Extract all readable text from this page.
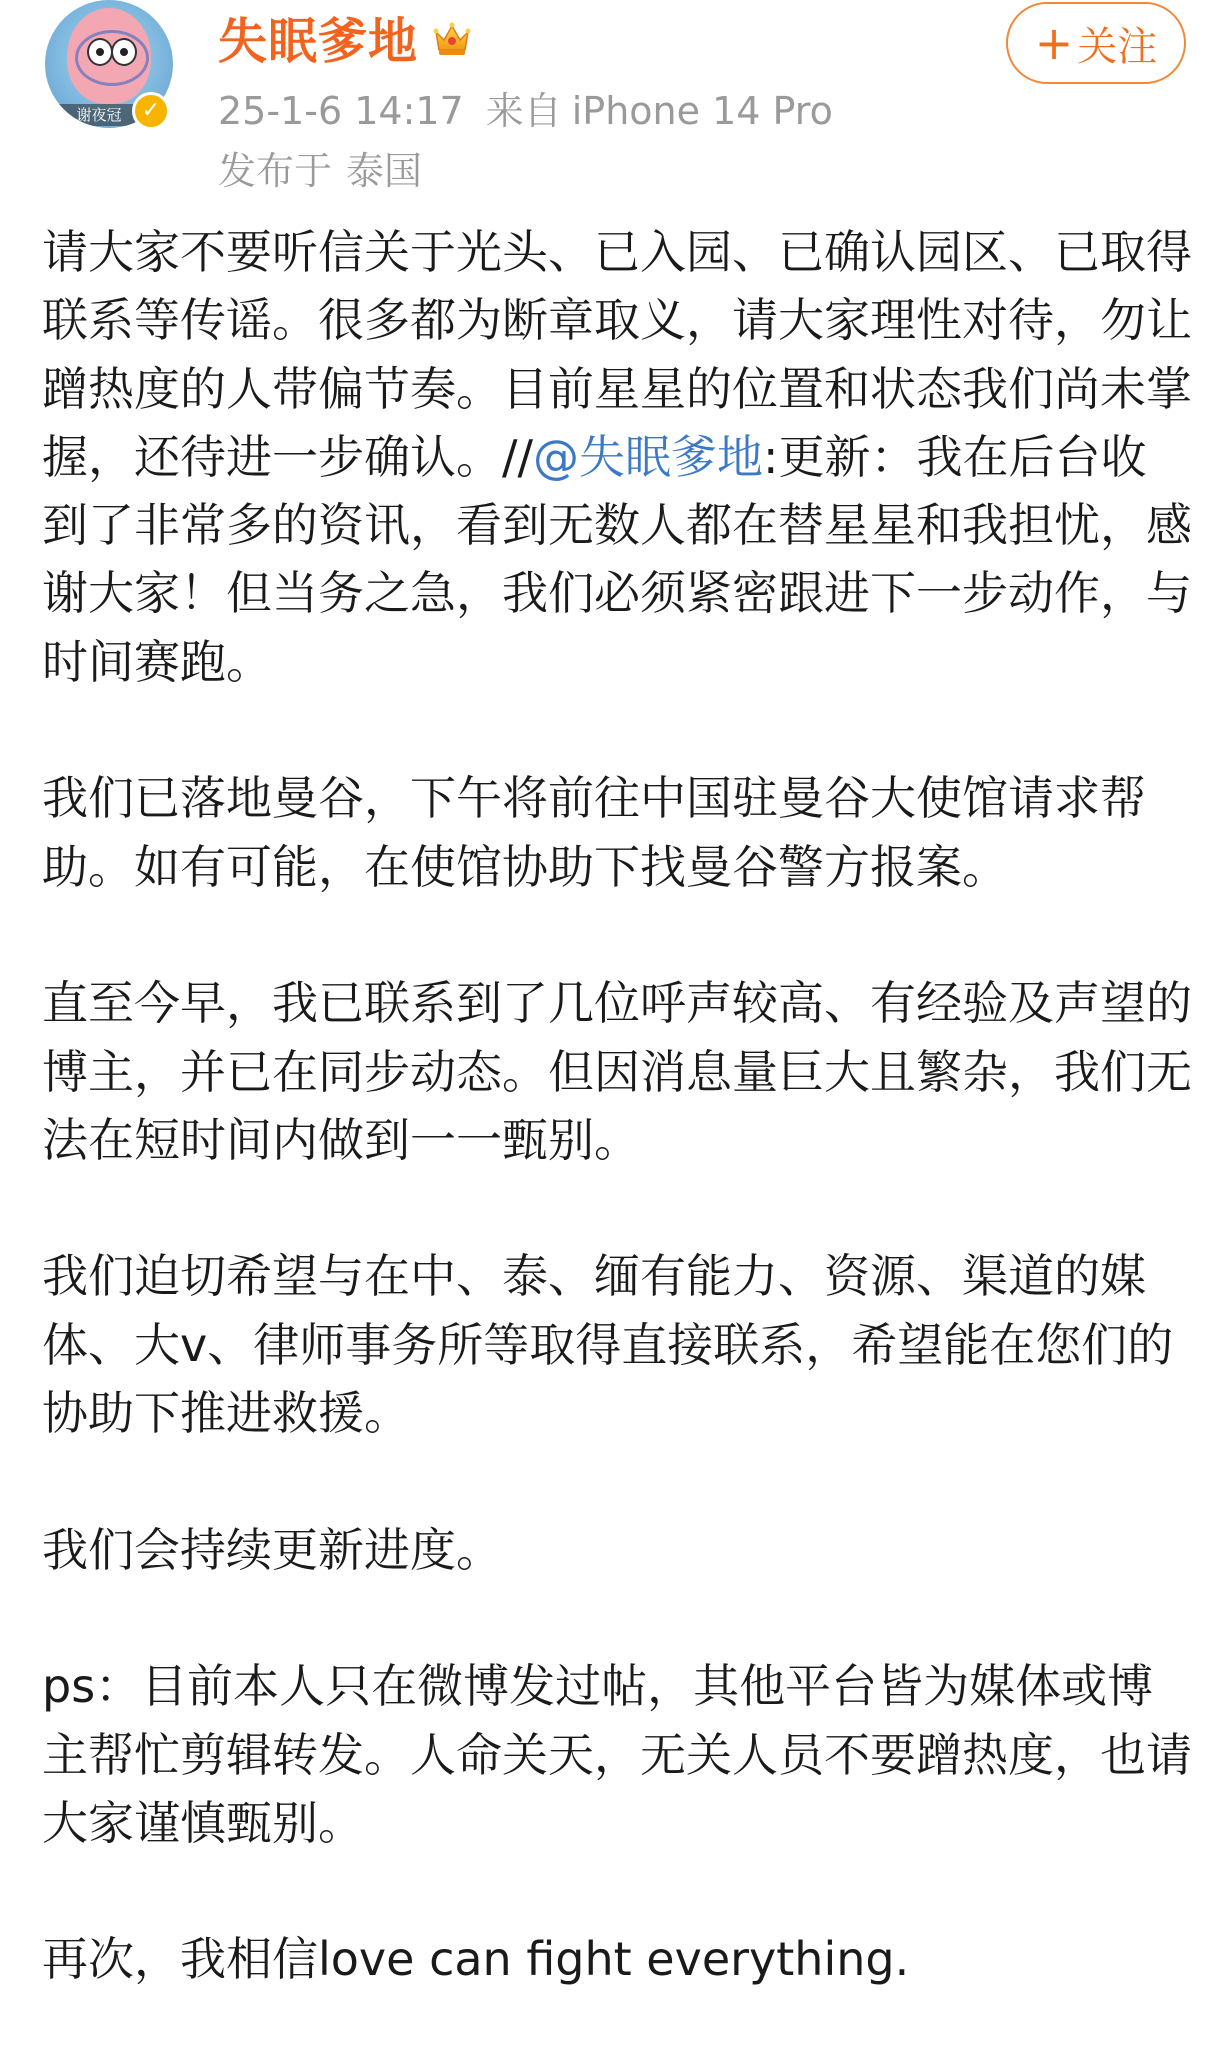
谢夜冠 ✓
失眠爹地
25-1-6 14:17 来自 iPhone 14 Pro
发布于 泰国
+ 关注

请大家不要听信关于光头、已入园、已确认园区、已取得联系等传谣。很多都为断章取义，请大家理性对待，勿让蹭热度的人带偏节奏。目前星星的位置和状态我们尚未掌握，还待进一步确认。//@失眠爹地:更新：我在后台收到了非常多的资讯，看到无数人都在替星星和我担忧，感谢大家！但当务之急，我们必须紧密跟进下一步动作，与时间赛跑。

我们已落地曼谷，下午将前往中国驻曼谷大使馆请求帮助。如有可能，在使馆协助下找曼谷警方报案。

直至今早，我已联系到了几位呼声较高、有经验及声望的博主，并已在同步动态。但因消息量巨大且繁杂，我们无法在短时间内做到一一甄别。

我们迫切希望与在中、泰、缅有能力、资源、渠道的媒体、大v、律师事务所等取得直接联系，希望能在您们的协助下推进救援。

我们会持续更新进度。

ps：目前本人只在微博发过帖，其他平台皆为媒体或博主帮忙剪辑转发。人命关天，无关人员不要蹭热度，也请大家谨慎甄别。

再次，我相信love can fight everything.
